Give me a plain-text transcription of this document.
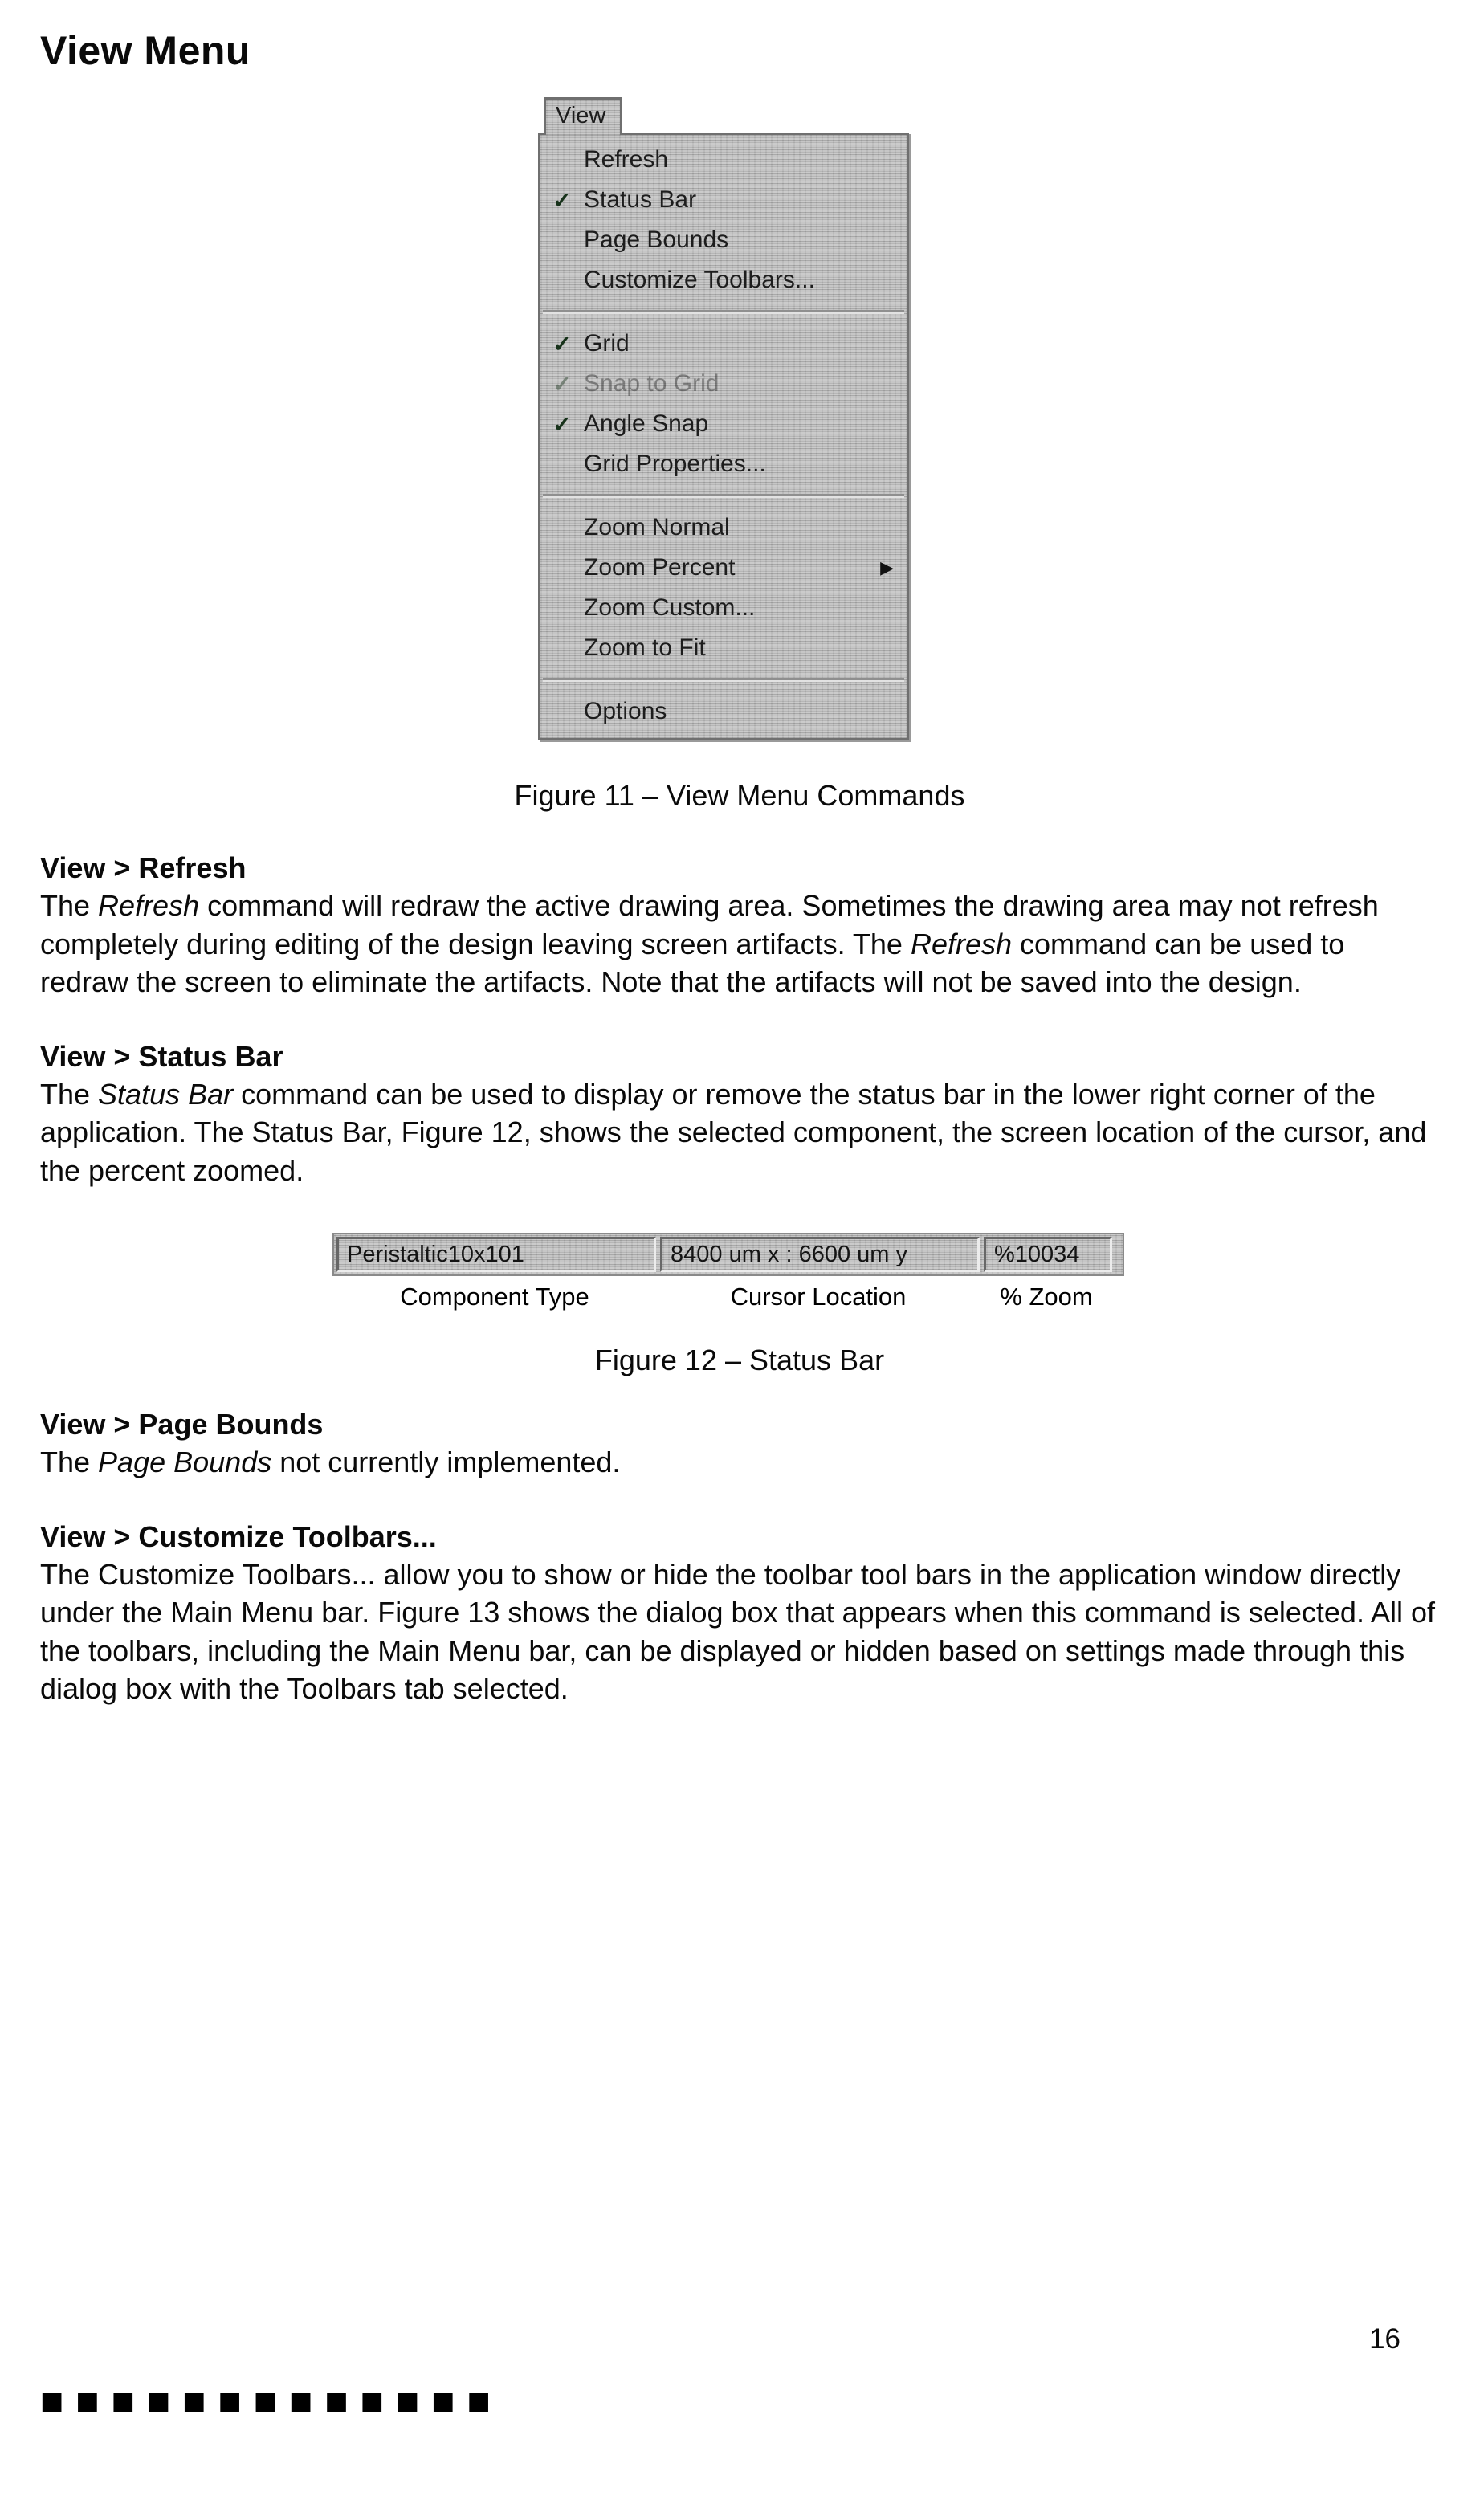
View Menu
View
Refresh
✓ Status Bar
Page Bounds
Customize Toolbars...
✓ Grid
✓ Snap to Grid
✓ Angle Snap
Grid Properties...
Zoom Normal
Zoom Percent	▶
Zoom Custom...
Zoom to Fit
Options
Figure 11 – View Menu Commands

View > Refresh

The Refresh command will redraw the active drawing area. Sometimes the drawing area may not refresh completely during editing of the design leaving screen artifacts. The Refresh command can be used to redraw the screen to eliminate the artifacts. Note that the artifacts will not be saved into the design.

View > Status Bar

The Status Bar command can be used to display or remove the status bar in the lower right corner of the application. The Status Bar, Figure 12, shows the selected component, the screen location of the cursor, and the percent zoomed.

Peristaltic10x101	8400 um x : 6600 um y	%10034
Component Type	Cursor Location	% Zoom
Figure 12 – Status Bar

View > Page Bounds

The Page Bounds not currently implemented.

View > Customize Toolbars...

The Customize Toolbars... allow you to show or hide the toolbar tool bars in the application window directly under the Main Menu bar. Figure 13 shows the dialog box that appears when this command is selected. All of the toolbars, including the Main Menu bar, can be displayed or hidden based on settings made through this dialog box with the Toolbars tab selected.

16
■■■■■■■■■■■■■
